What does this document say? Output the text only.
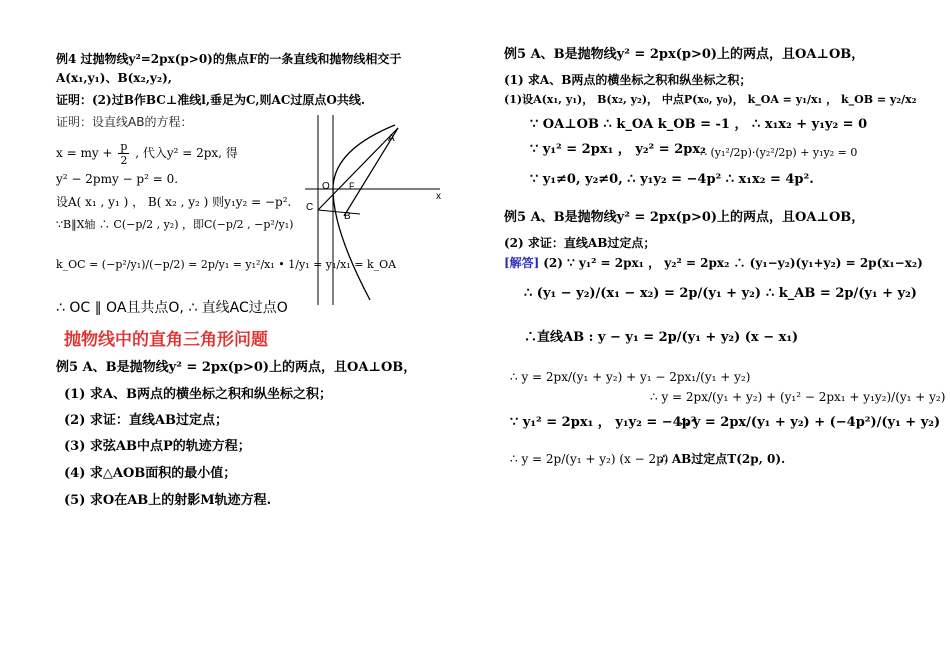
例4 过抛物线y²=2px(p>0)的焦点F的一条直线和抛物线相交于
A(x₁,y₁)、B(x₂,y₂),
证明：(2)过B作BC⊥准线l,垂足为C,则AC过原点O共线.
证明：设直线AB的方程：
x = my + $\frac{p}{2}$ , 代入y² = 2px, 得
y² − 2pmy − p² = 0.
设A( x₁ , y₁ ) ， B( x₂ , y₂ ) 则y₁y₂ = −p².
∵B‖X轴 ∴ C(−p/2 , y₂) ，即C(−p/2 , −p²/y₁)
k_OC = (−p²/y₁)/(−p/2) = 2p/y₁ = y₁²/x₁ • 1/y₁ = y₁/x₁ = k_OA
∴ OC ∥ OA且共点O, ∴ 直线AC过点O
抛物线中的直角三角形问题
例5 A、B是抛物线y² = 2px(p>0)上的两点，且OA⊥OB，
(1) 求A、B两点的横坐标之积和纵坐标之积；
(2) 求证：直线AB过定点；
(3) 求弦AB中点P的轨迹方程；
(4) 求△AOB面积的最小值；
(5) 求O在AB上的射影M轨迹方程.
A
O F
C
B
x
例5 A、B是抛物线y² = 2px(p>0)上的两点，且OA⊥OB，
(1) 求A、B两点的横坐标之积和纵坐标之积；
(1)设A(x₁, y₁)， B(x₂, y₂)， 中点P(x₀, y₀)， k_OA = y₁/x₁ ， k_OB = y₂/x₂
∵ OA⊥OB ∴ k_OA k_OB = -1 ， ∴ x₁x₂ + y₁y₂ = 0
∵ y₁² = 2px₁ ， y₂² = 2px₂
∴ (y₁²/2p)·(y₂²/2p) + y₁y₂ = 0
∵ y₁≠0, y₂≠0, ∴ y₁y₂ = −4p² ∴ x₁x₂ = 4p².
例5 A、B是抛物线y² = 2px(p>0)上的两点，且OA⊥OB，
(2) 求证：直线AB过定点；
[解答] (2) ∵ y₁² = 2px₁ ， y₂² = 2px₂ ∴ (y₁−y₂)(y₁+y₂) = 2p(x₁−x₂)
∴ (y₁ − y₂)/(x₁ − x₂) = 2p/(y₁ + y₂) ∴ k_AB = 2p/(y₁ + y₂)
∴直线AB : y − y₁ = 2p/(y₁ + y₂) (x − x₁)
∴ y = 2px/(y₁ + y₂) + y₁ − 2px₁/(y₁ + y₂)
∴ y = 2px/(y₁ + y₂) + (y₁² − 2px₁ + y₁y₂)/(y₁ + y₂)
∵ y₁² = 2px₁ ， y₁y₂ = −4p²
∴ y = 2px/(y₁ + y₂) + (−4p²)/(y₁ + y₂)
∴ y = 2p/(y₁ + y₂) (x − 2p)
∴ AB过定点T(2p, 0).
